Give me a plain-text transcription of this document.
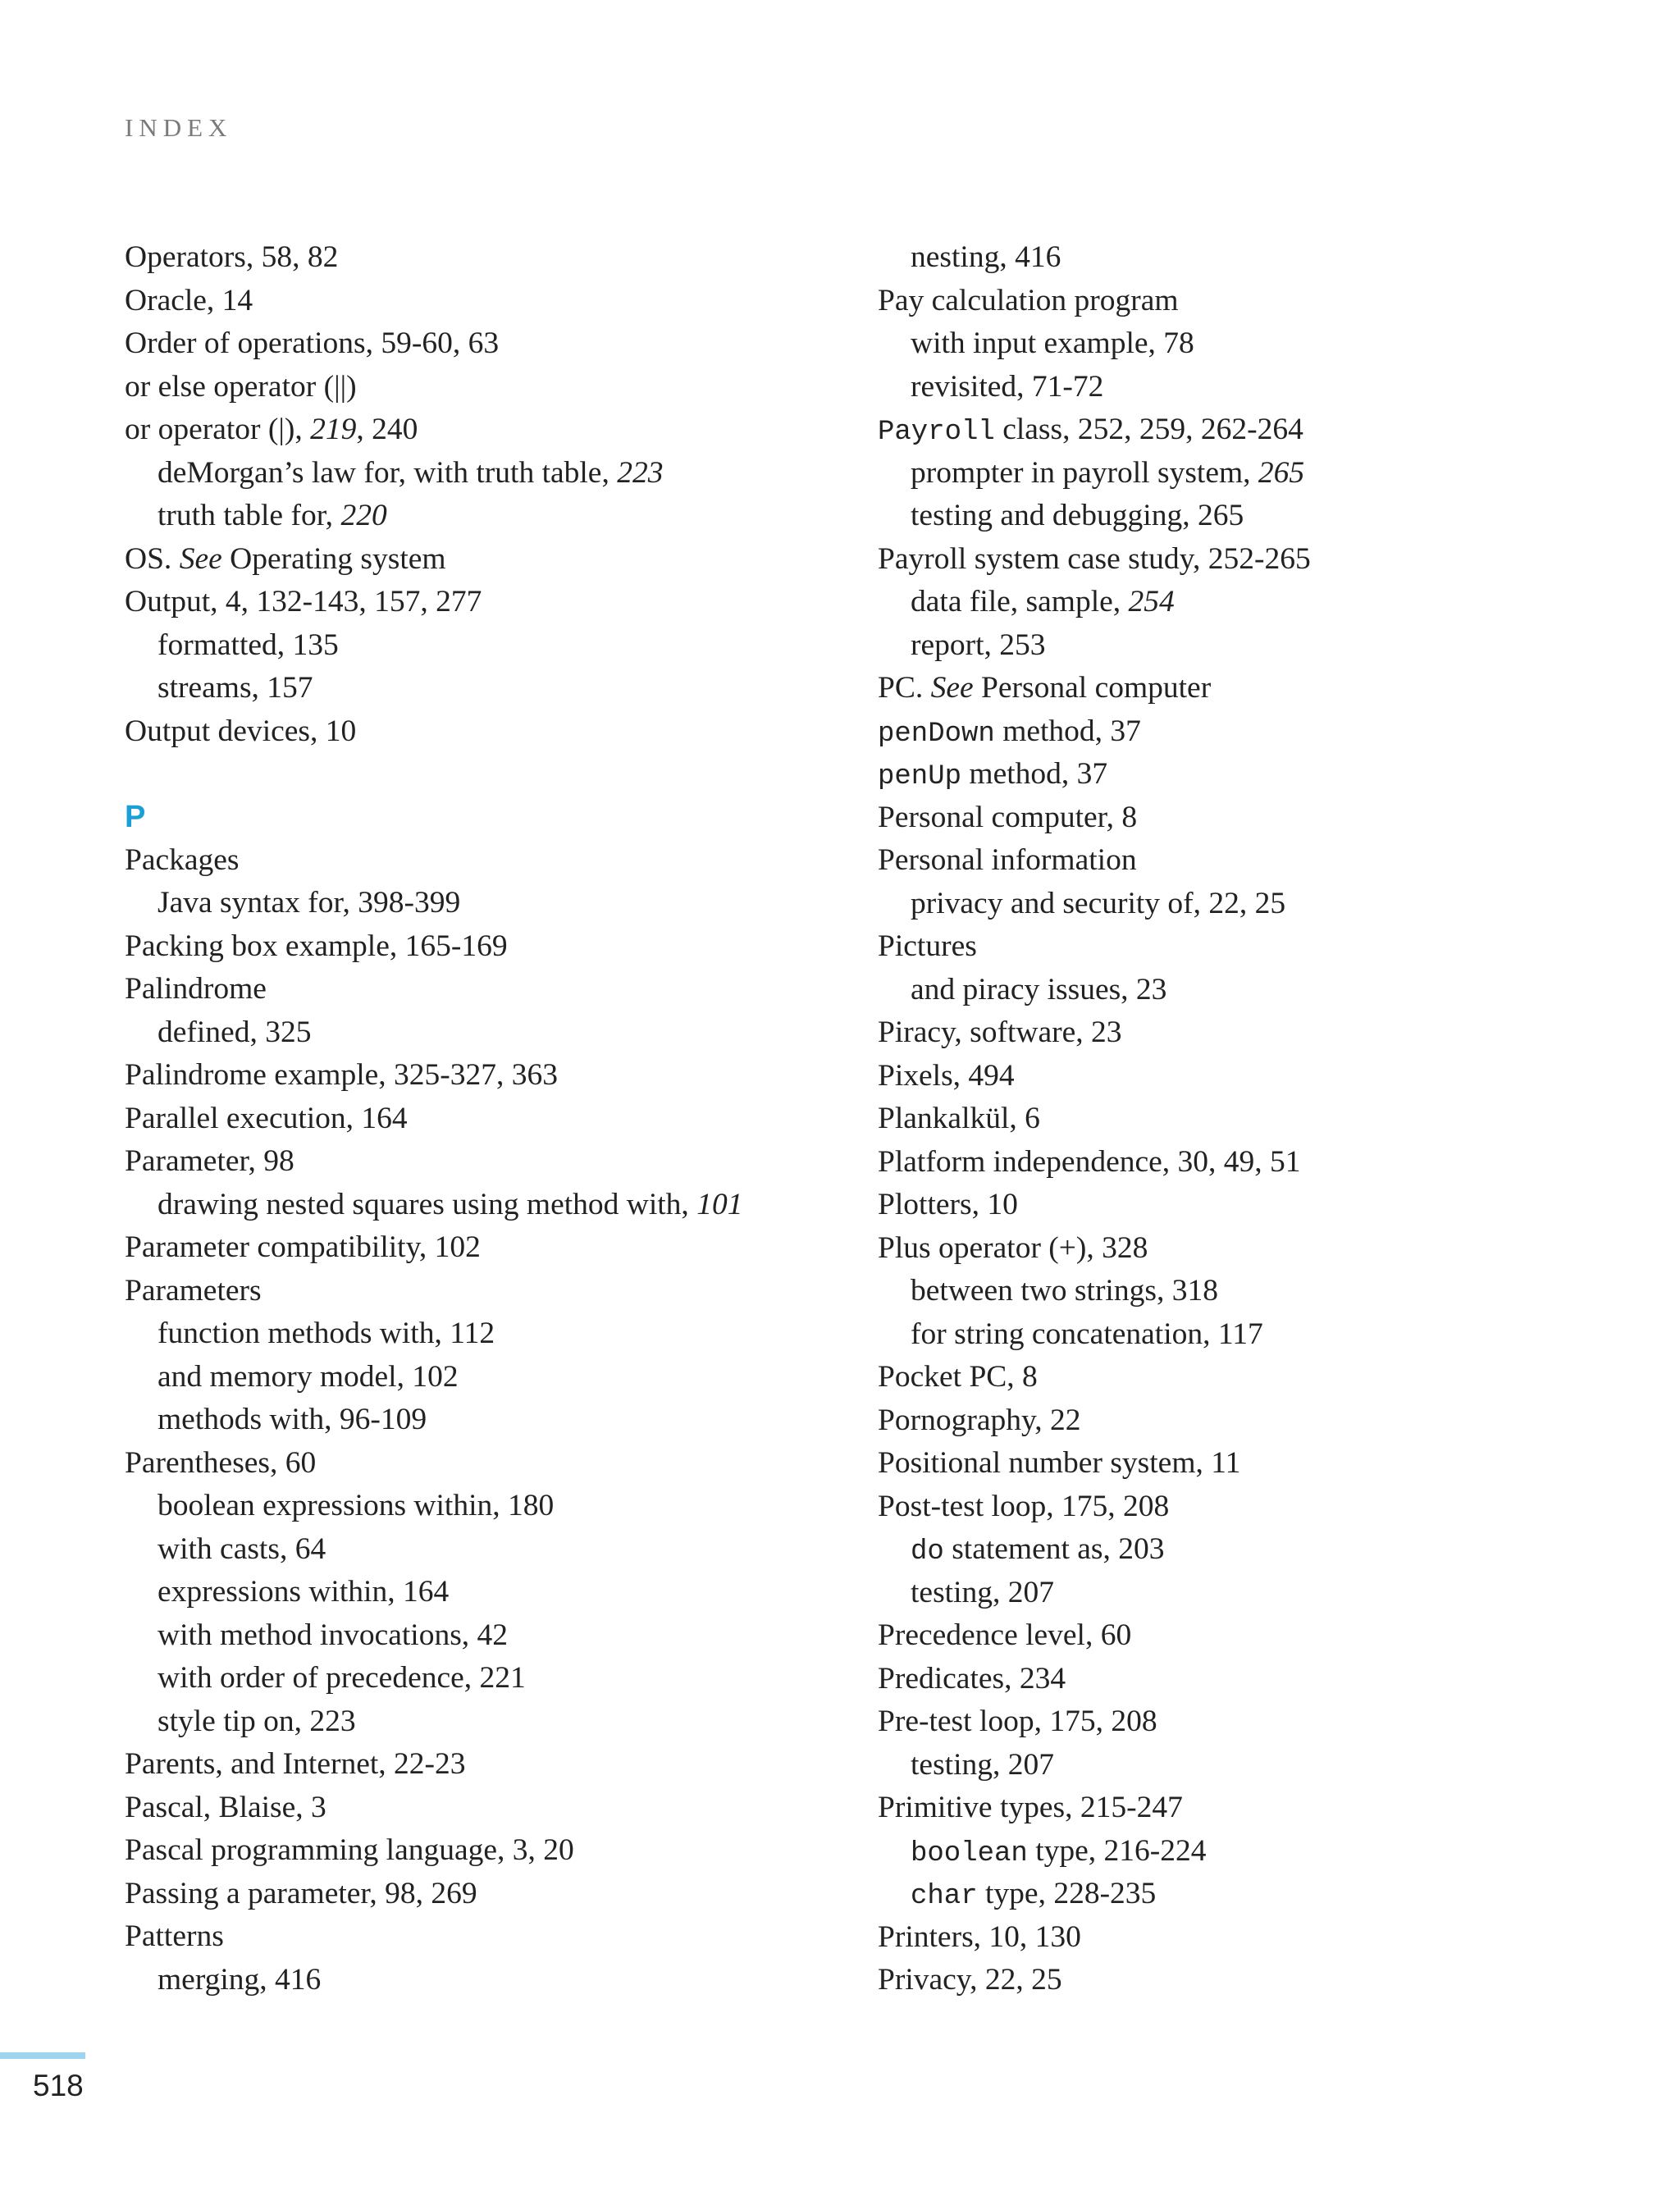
INDEX
Operators, 58, 82
Oracle, 14
Order of operations, 59-60, 63
or else operator (||)
or operator (|), 219, 240
deMorgan’s law for, with truth table, 223
truth table for, 220
OS. See Operating system
Output, 4, 132-143, 157, 277
formatted, 135
streams, 157
Output devices, 10
P
Packages
Java syntax for, 398-399
Packing box example, 165-169
Palindrome
defined, 325
Palindrome example, 325-327, 363
Parallel execution, 164
Parameter, 98
drawing nested squares using method with, 101
Parameter compatibility, 102
Parameters
function methods with, 112
and memory model, 102
methods with, 96-109
Parentheses, 60
boolean expressions within, 180
with casts, 64
expressions within, 164
with method invocations, 42
with order of precedence, 221
style tip on, 223
Parents, and Internet, 22-23
Pascal, Blaise, 3
Pascal programming language, 3, 20
Passing a parameter, 98, 269
Patterns
merging, 416
nesting, 416
Pay calculation program
with input example, 78
revisited, 71-72
Payroll class, 252, 259, 262-264
prompter in payroll system, 265
testing and debugging, 265
Payroll system case study, 252-265
data file, sample, 254
report, 253
PC. See Personal computer
penDown method, 37
penUp method, 37
Personal computer, 8
Personal information
privacy and security of, 22, 25
Pictures
and piracy issues, 23
Piracy, software, 23
Pixels, 494
Plankalkül, 6
Platform independence, 30, 49, 51
Plotters, 10
Plus operator (+), 328
between two strings, 318
for string concatenation, 117
Pocket PC, 8
Pornography, 22
Positional number system, 11
Post-test loop, 175, 208
do statement as, 203
testing, 207
Precedence level, 60
Predicates, 234
Pre-test loop, 175, 208
testing, 207
Primitive types, 215-247
boolean type, 216-224
char type, 228-235
Printers, 10, 130
Privacy, 22, 25
518
